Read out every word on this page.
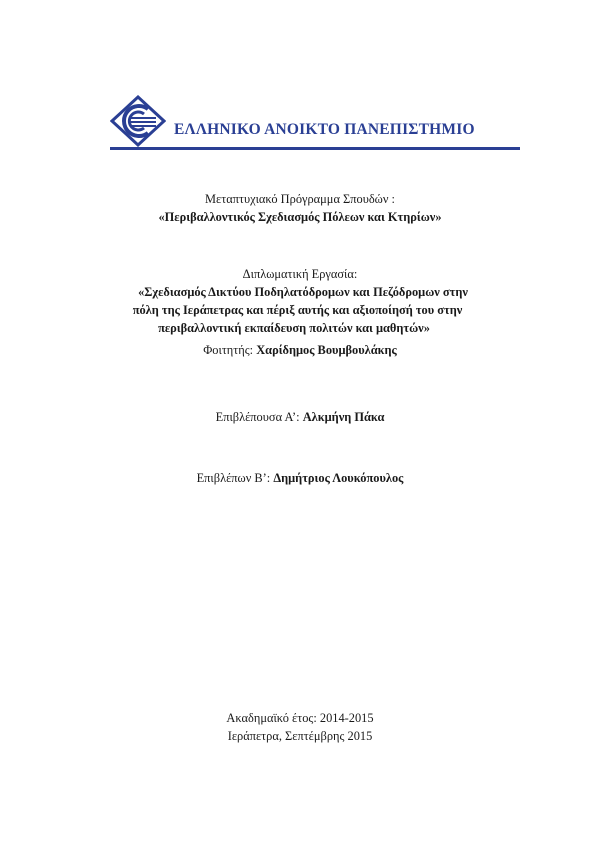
ΕΛΛΗΝΙΚΟ ΑΝΟΙΚΤΟ ΠΑΝΕΠΙΣΤΗΜΙΟ
Μεταπτυχιακό Πρόγραμμα Σπουδών :
«Περιβαλλοντικός Σχεδιασμός Πόλεων και Κτηρίων»
Διπλωματική Εργασία:
«Σχεδιασμός Δικτύου Ποδηλατόδρομων και Πεζόδρομων στην
πόλη της Ιεράπετρας και πέριξ αυτής και αξιοποίησή του στην
περιβαλλοντική εκπαίδευση πολιτών και μαθητών»
Φοιτητής: Χαρίδημος Βουμβουλάκης
Επιβλέπουσα Α’: Αλκμήνη Πάκα
Επιβλέπων Β’: Δημήτριος Λουκόπουλος
Ακαδημαϊκό έτος: 2014-2015
Ιεράπετρα, Σεπτέμβρης 2015
